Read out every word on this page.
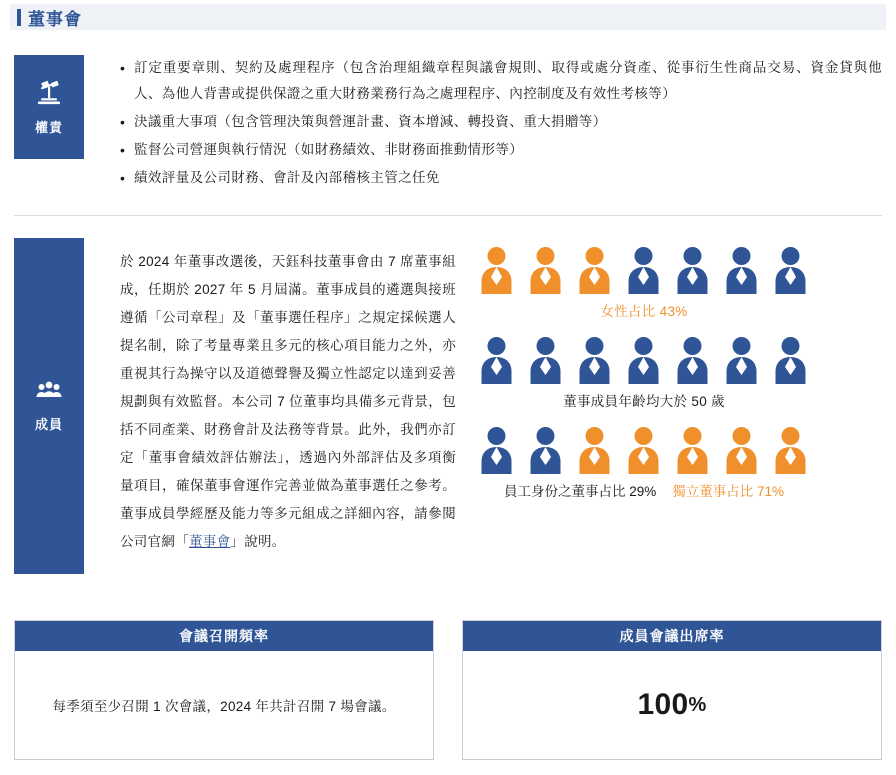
董事會
權責
• 訂定重要章則、契約及處理程序（包含治理組織章程與議會規則、取得或處分資產、從事衍生性商品交易、資金貸與他人、為他人背書或提供保證之重大財務業務行為之處理程序、內控制度及有效性考核等）
• 決議重大事項（包含管理決策與營運計畫、資本增減、轉投資、重大捐贈等）
• 監督公司營運與執行情況（如財務績效、非財務面推動情形等）
• 績效評量及公司財務、會計及內部稽核主管之任免
成員
於 2024 年董事改選後，天鈺科技董事會由 7 席董事組成，任期於 2027 年 5 月屆滿。董事成員的遴選與接班遵循「公司章程」及「董事選任程序」之規定採候選人提名制，除了考量專業且多元的核心項目能力之外，亦重視其行為操守以及道德聲譽及獨立性認定以達到妥善規劃與有效監督。本公司 7 位董事均具備多元背景，包括不同產業、財務會計及法務等背景。此外，我們亦訂定「董事會績效評估辦法」，透過內外部評估及多項衡量項目，確保董事會運作完善並做為董事選任之參考。董事成員學經歷及能力等多元組成之詳細內容，請參閱公司官網「董事會」說明。
女性占比 43%
董事成員年齡均大於 50 歲
員工身份之董事占比 29% 獨立董事占比 71%
會議召開頻率
每季須至少召開 1 次會議，2024 年共計召開 7 場會議。
成員會議出席率
100 %
